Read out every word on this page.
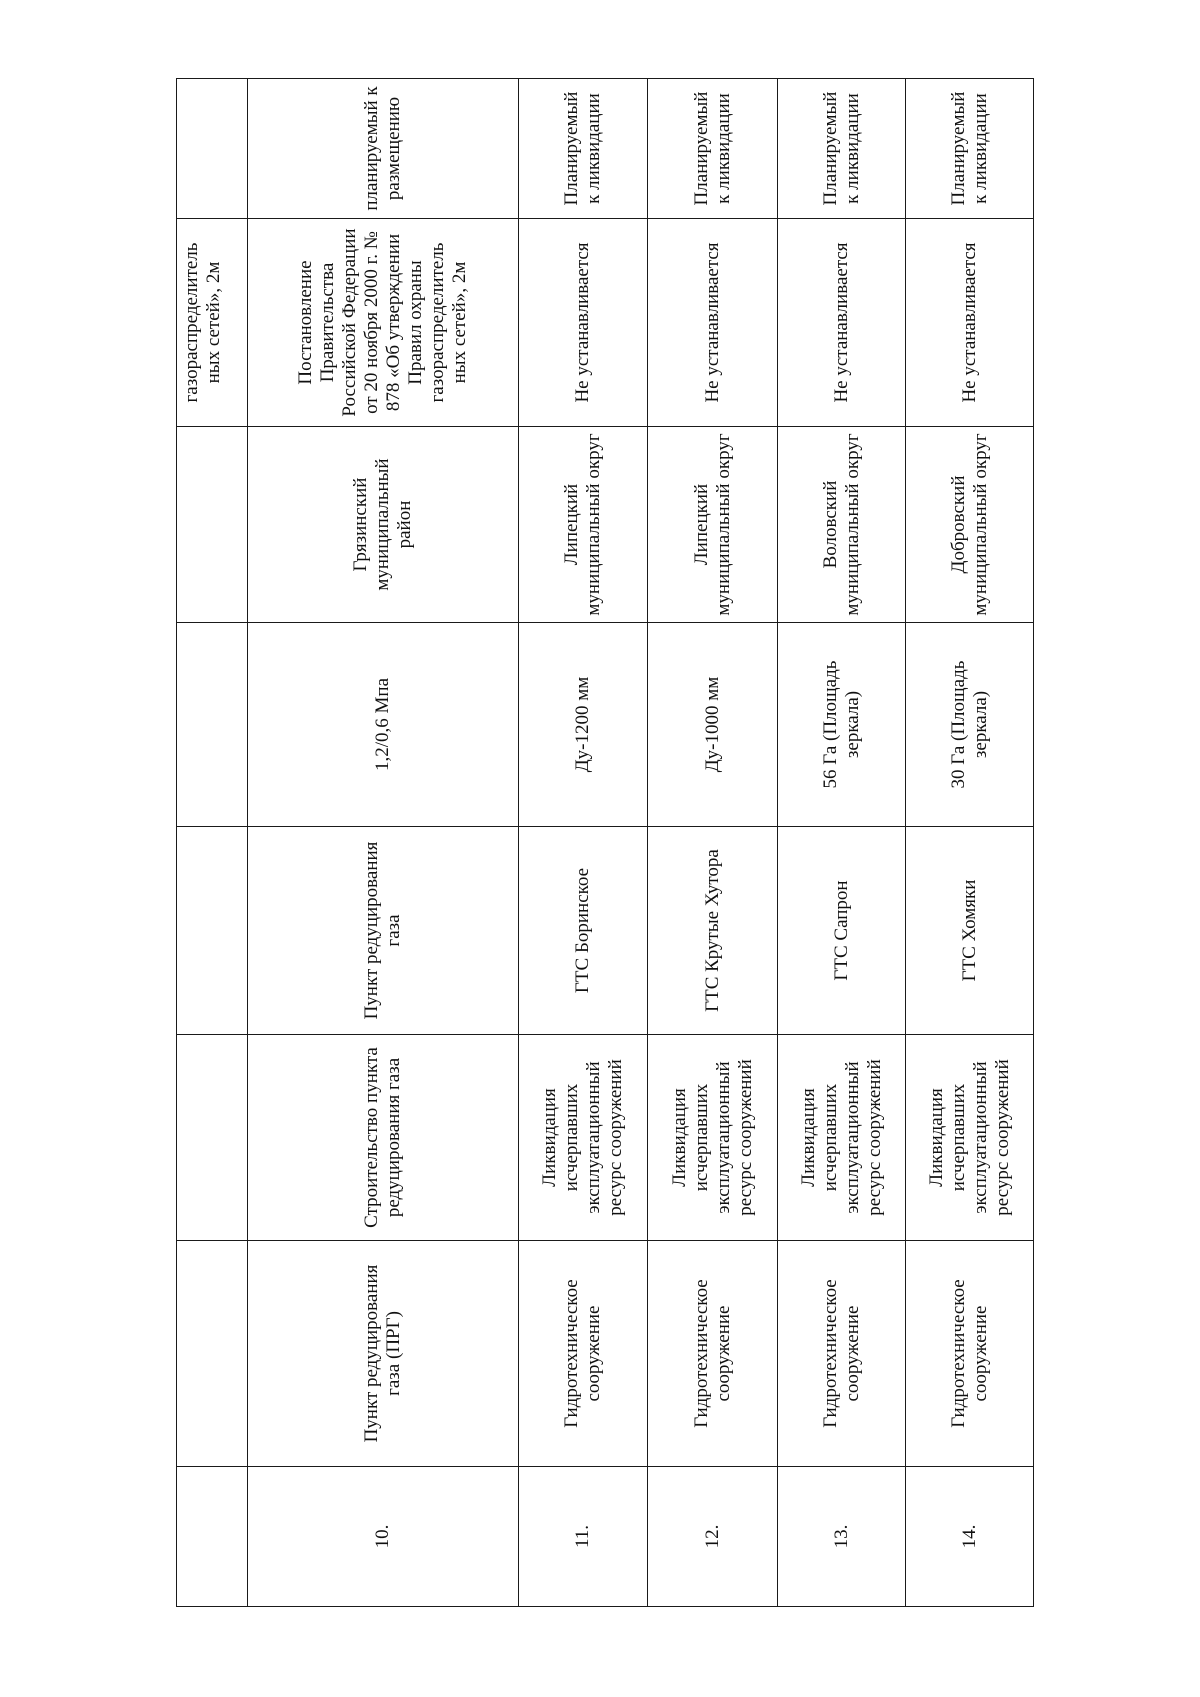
						газораспределитель ных сетей», 2м	
10.	Пункт редуцирования газа (ПРГ)	Строительство пункта редуцирования газа	Пункт редуцирования газа	1,2/0,6 Мпа	Грязинский муниципальный район	Постановление Правительства Российской Федерации от 20 ноября 2000 г. № 878 «Об утверждении Правил охраны газораспределитель ных сетей», 2м	планируемый к размещению
11.	Гидротехническое сооружение	Ликвидация исчерпавших эксплуатационный ресурс сооружений	ГТС Боринское	Ду-1200 мм	Липецкий муниципальный округ	Не устанавливается	Планируемый к ликвидации
12.	Гидротехническое сооружение	Ликвидация исчерпавших эксплуатационный ресурс сооружений	ГТС Крутые Хутора	Ду-1000 мм	Липецкий муниципальный округ	Не устанавливается	Планируемый к ликвидации
13.	Гидротехническое сооружение	Ликвидация исчерпавших эксплуатационный ресурс сооружений	ГТС Сапрон	56 Га (Площадь зеркала)	Воловский муниципальный округ	Не устанавливается	Планируемый к ликвидации
14.	Гидротехническое сооружение	Ликвидация исчерпавших эксплуатационный ресурс сооружений	ГТС Хомяки	30 Га (Площадь зеркала)	Добровский муниципальный округ	Не устанавливается	Планируемый к ликвидации
